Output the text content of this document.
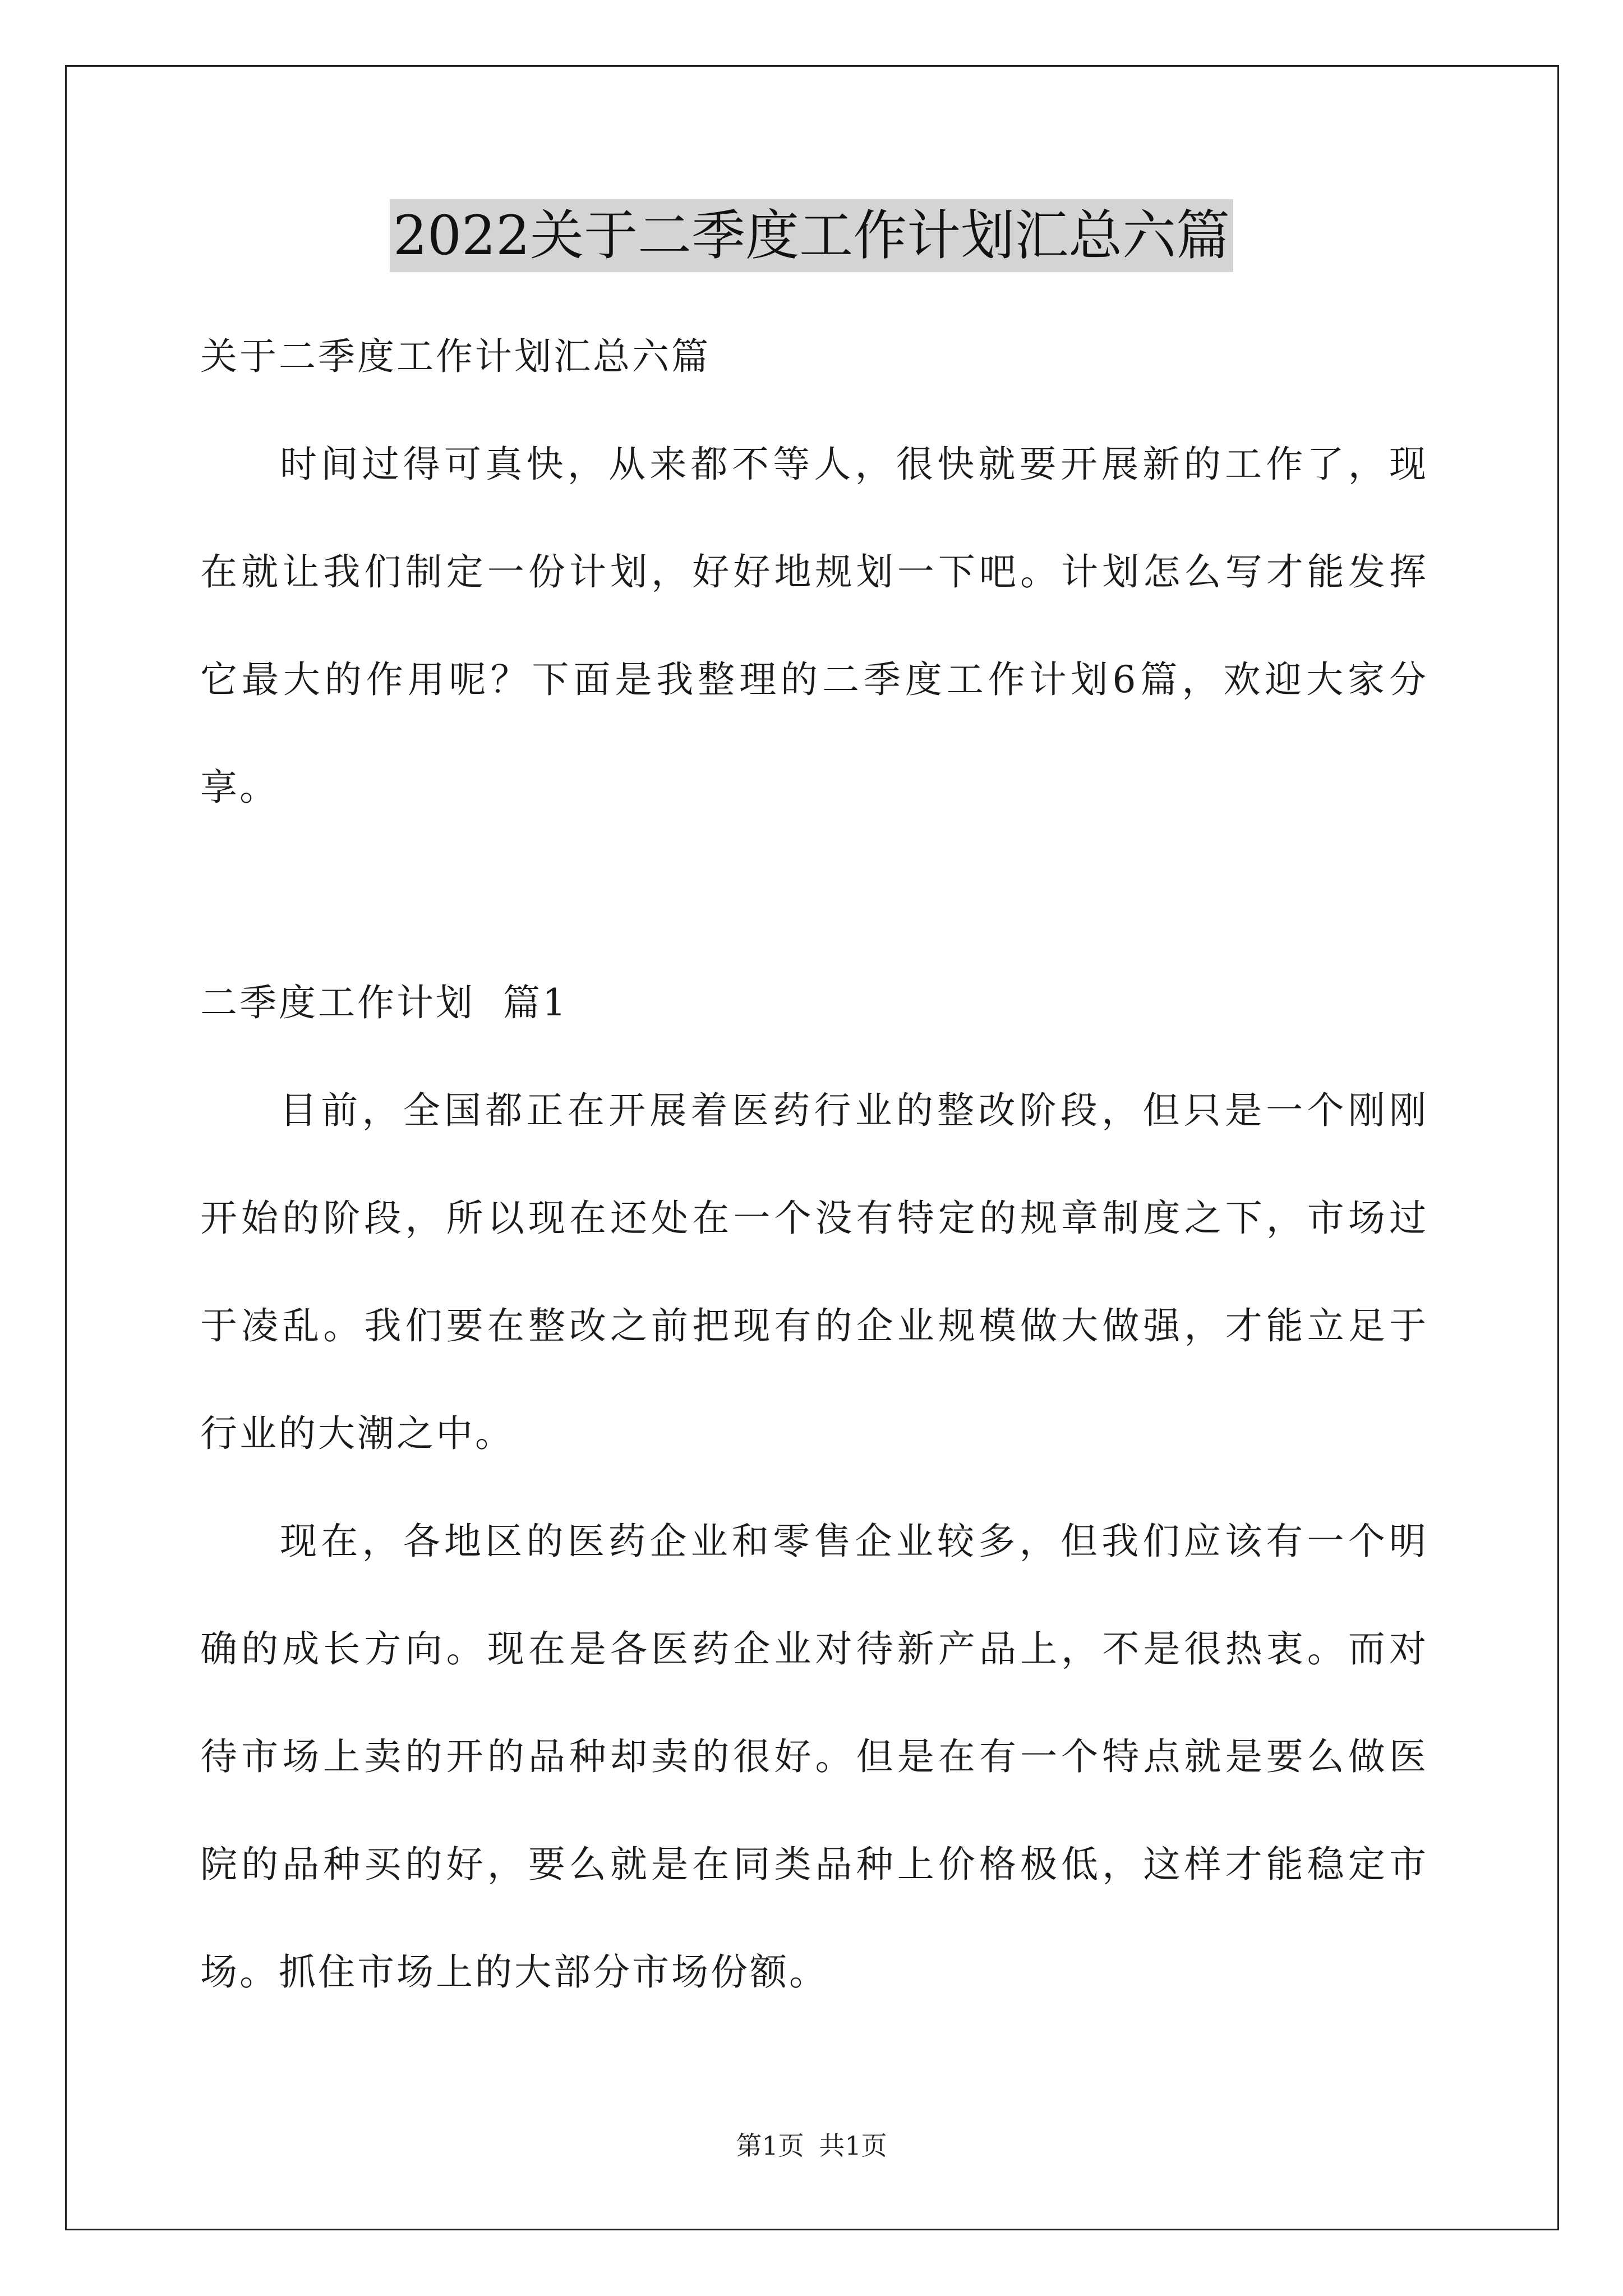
2022关于二季度工作计划汇总六篇
关于二季度工作计划汇总六篇
时间过得可真快，从来都不等人，很快就要开展新的工作了，现
在就让我们制定一份计划，好好地规划一下吧。计划怎么写才能发挥
它最大的作用呢？下面是我整理的二季度工作计划6篇，欢迎大家分
享。
二季度工作计划  篇1
目前，全国都正在开展着医药行业的整改阶段，但只是一个刚刚
开始的阶段，所以现在还处在一个没有特定的规章制度之下，市场过
于凌乱。我们要在整改之前把现有的企业规模做大做强，才能立足于
行业的大潮之中。
现在，各地区的医药企业和零售企业较多，但我们应该有一个明
确的成长方向。现在是各医药企业对待新产品上，不是很热衷。而对
待市场上卖的开的品种却卖的很好。但是在有一个特点就是要么做医
院的品种买的好，要么就是在同类品种上价格极低，这样才能稳定市
场。抓住市场上的大部分市场份额。
第1页 共1页
